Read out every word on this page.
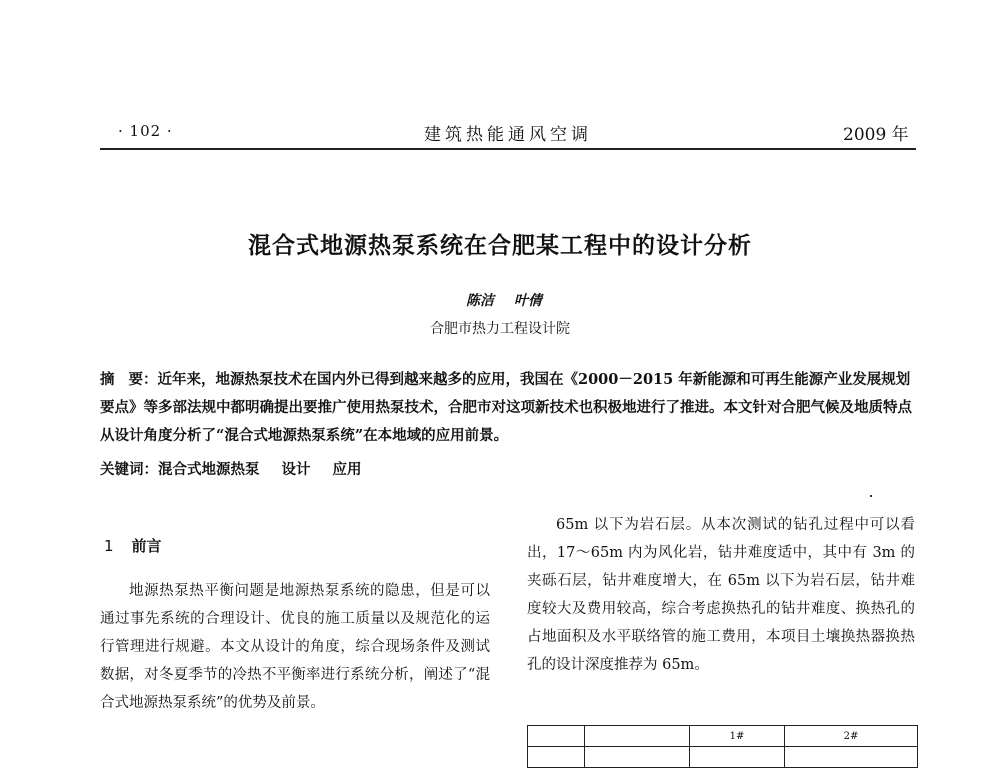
· 102 ·	建筑热能通风空调	2009 年
混合式地源热泵系统在合肥某工程中的设计分析
陈洁 叶倩
合肥市热力工程设计院
摘 要：近年来，地源热泵技术在国内外已得到越来越多的应用，我国在《2000－2015 年新能源和可再生能源产业发展规划要点》等多部法规中都明确提出要推广使用热泵技术，合肥市对这项新技术也积极地进行了推进。本文针对合肥气候及地质特点从设计角度分析了“混合式地源热泵系统”在本地域的应用前景。
关键词：混合式地源热泵 设计 应用
1 前言
地源热泵热平衡问题是地源热泵系统的隐患，但是可以通过事先系统的合理设计、优良的施工质量以及规范化的运行管理进行规避。本文从设计的角度，综合现场条件及测试数据，对冬夏季节的冷热不平衡率进行系统分析，阐述了“混合式地源热泵系统”的优势及前景。
65m 以下为岩石层。从本次测试的钻孔过程中可以看出，17～65m 内为风化岩，钻井难度适中，其中有 3m 的夹砾石层，钻井难度增大，在 65m 以下为岩石层，钻井难度较大及费用较高，综合考虑换热孔的钻井难度、换热孔的占地面积及水平联络管的施工费用，本项目土壤换热器换热孔的设计深度推荐为 65m。
		1#	2#
